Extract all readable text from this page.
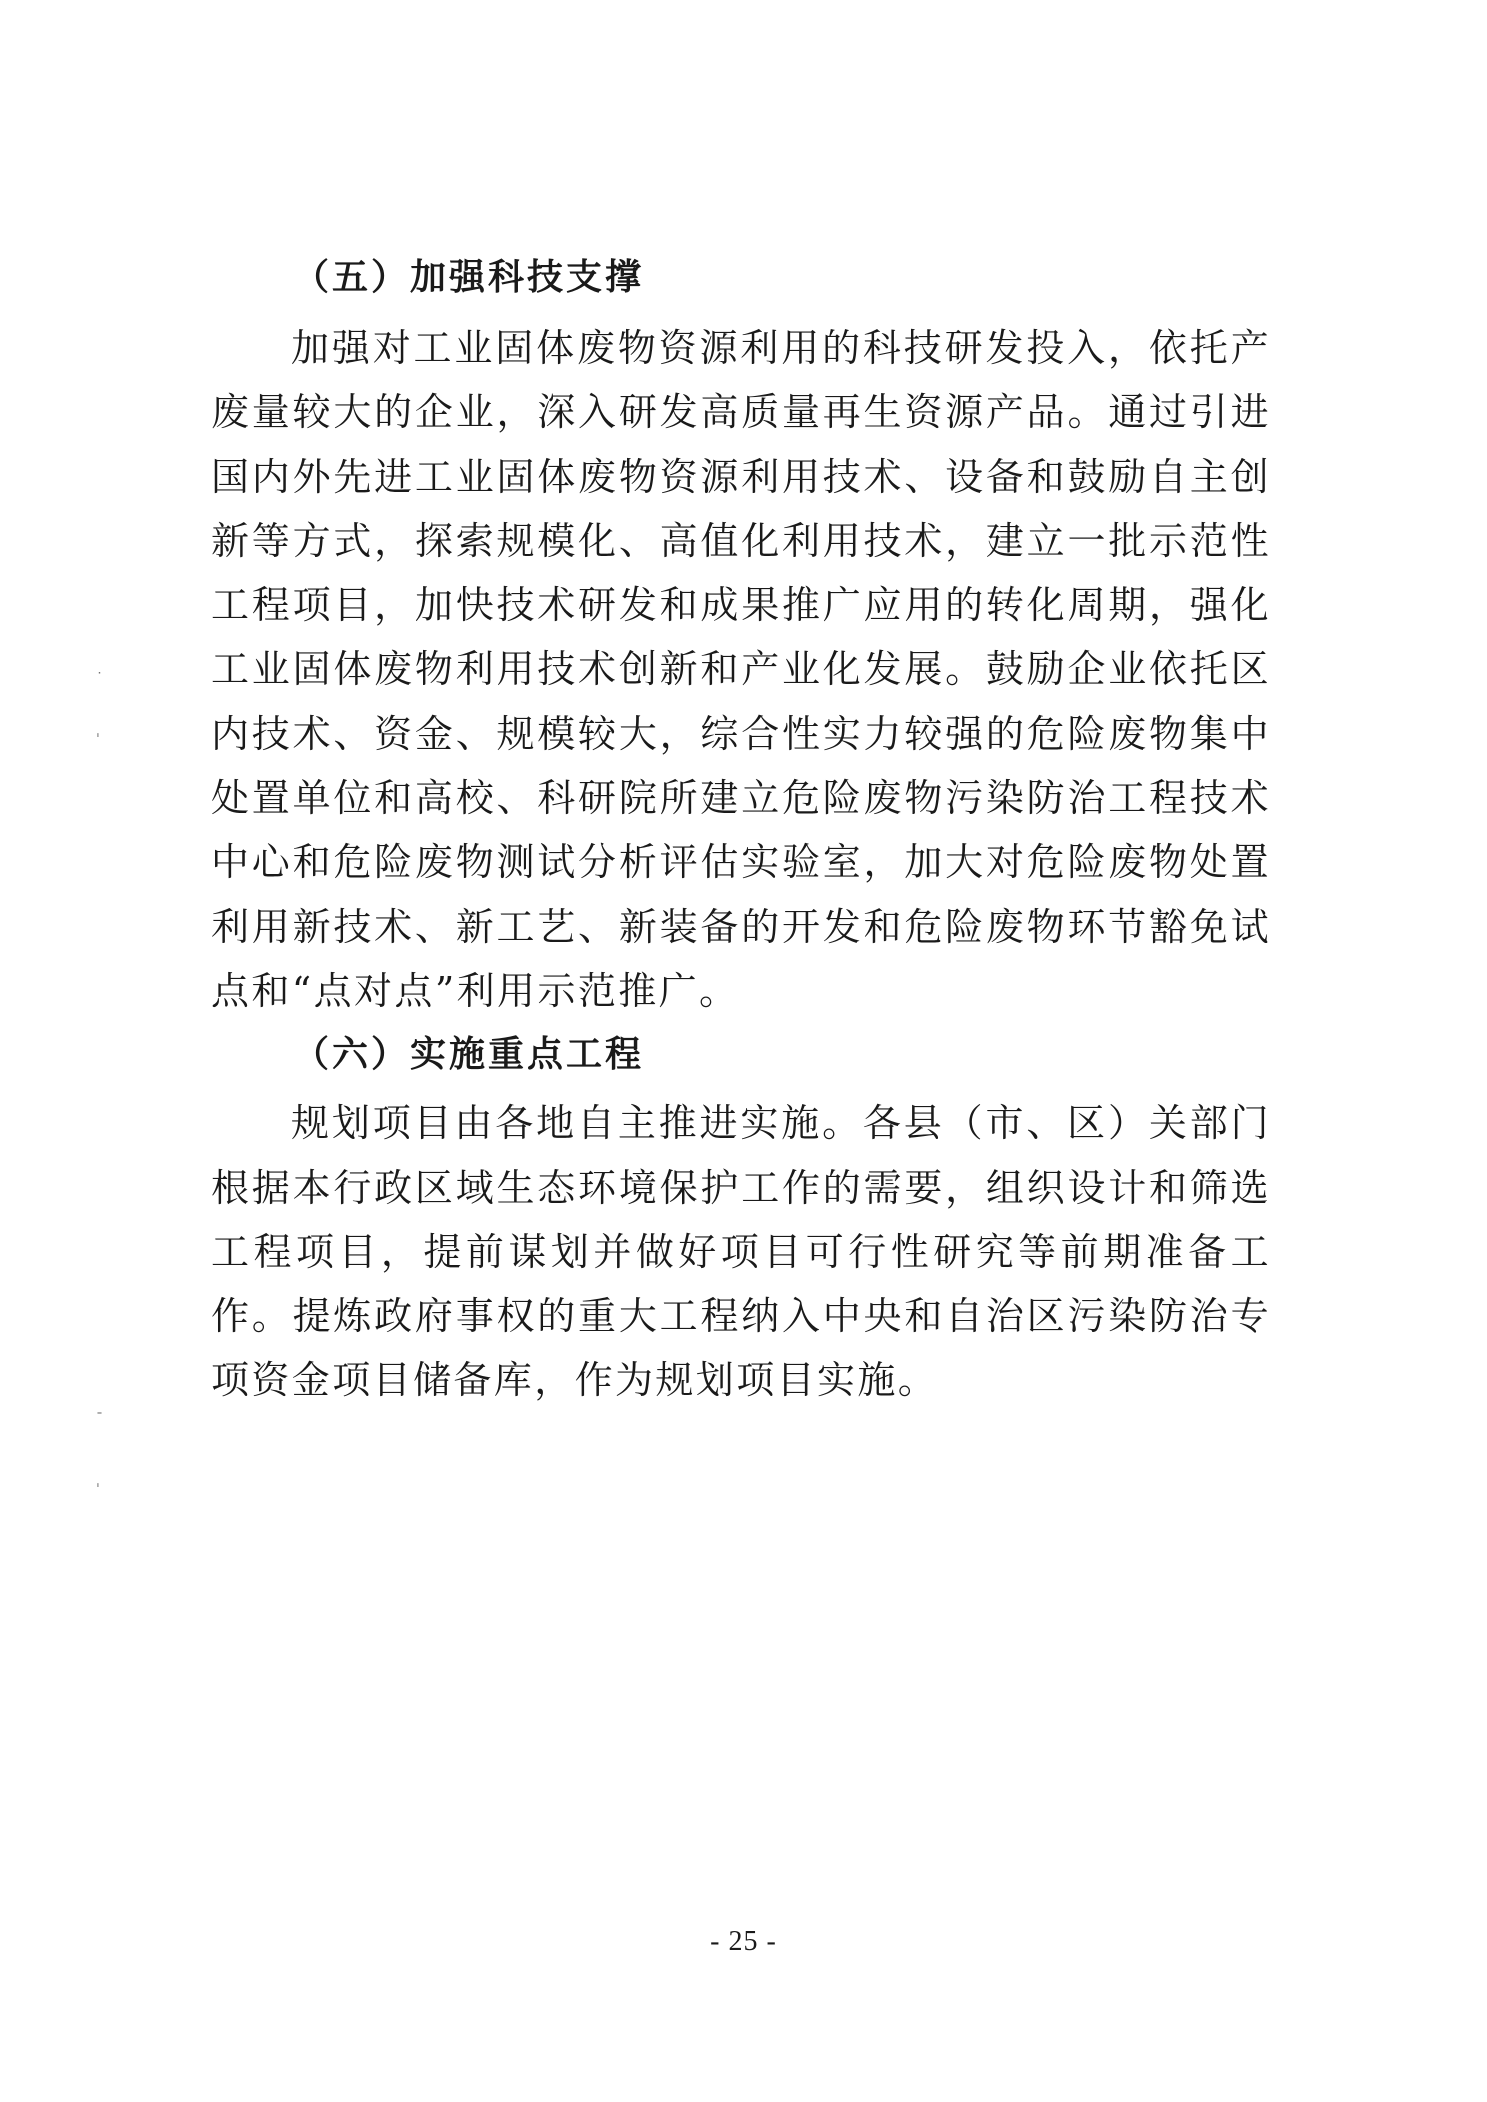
˙
ˌ
ˉ
ˌ
（五）加强科技支撑

加强对工业固体废物资源利用的科技研发投入，依托产废量较大的企业，深入研发高质量再生资源产品。通过引进国内外先进工业固体废物资源利用技术、设备和鼓励自主创新等方式，探索规模化、高值化利用技术，建立一批示范性工程项目，加快技术研发和成果推广应用的转化周期，强化工业固体废物利用技术创新和产业化发展。鼓励企业依托区内技术、资金、规模较大，综合性实力较强的危险废物集中处置单位和高校、科研院所建立危险废物污染防治工程技术中心和危险废物测试分析评估实验室，加大对危险废物处置利用新技术、新工艺、新装备的开发和危险废物环节豁免试点和“点对点”利用示范推广。

（六）实施重点工程

规划项目由各地自主推进实施。各县（市、区）关部门根据本行政区域生态环境保护工作的需要，组织设计和筛选工程项目，提前谋划并做好项目可行性研究等前期准备工作。提炼政府事权的重大工程纳入中央和自治区污染防治专项资金项目储备库，作为规划项目实施。

- 25 -
